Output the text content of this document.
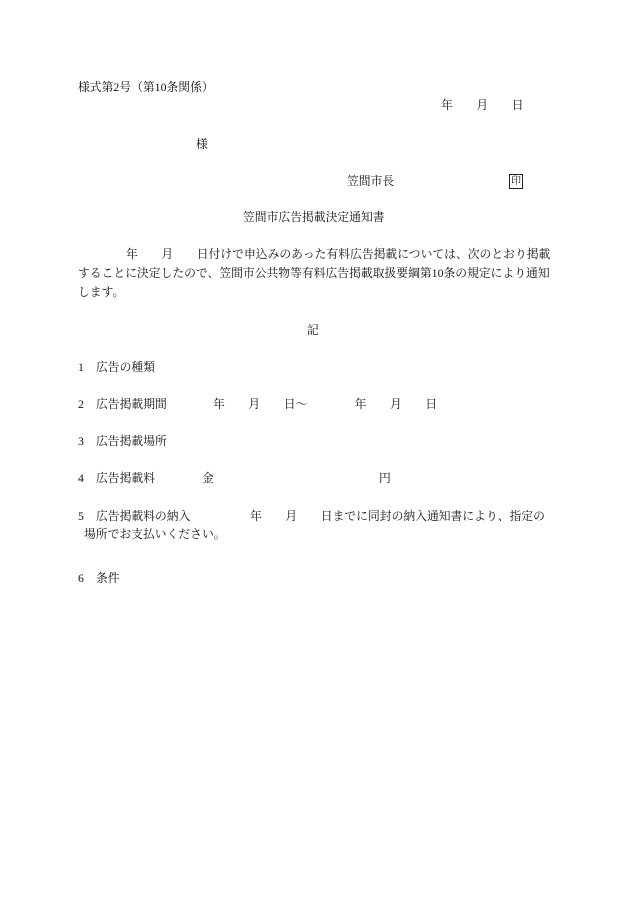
様式第2号（第10条関係）
年　　月　　日
様
笠間市長	印
笠間市広告掲載決定通知書
年　　月　　日付けで申込みのあった有料広告掲載については、次のとおり掲載
することに決定したので、笠間市公共物等有料広告掲載取扱要綱第10条の規定により通知
します。
記
1 広告の種類
2 広告掲載期間	年　　月　　日～　　　　年　　月　　日
3 広告掲載場所
4 広告掲載料	金　　　　　　　　　　　　　　円
5 広告掲載料の納入	年　　月　　日までに同封の納入通知書により、指定の
場所でお支払いください。
6 条件
